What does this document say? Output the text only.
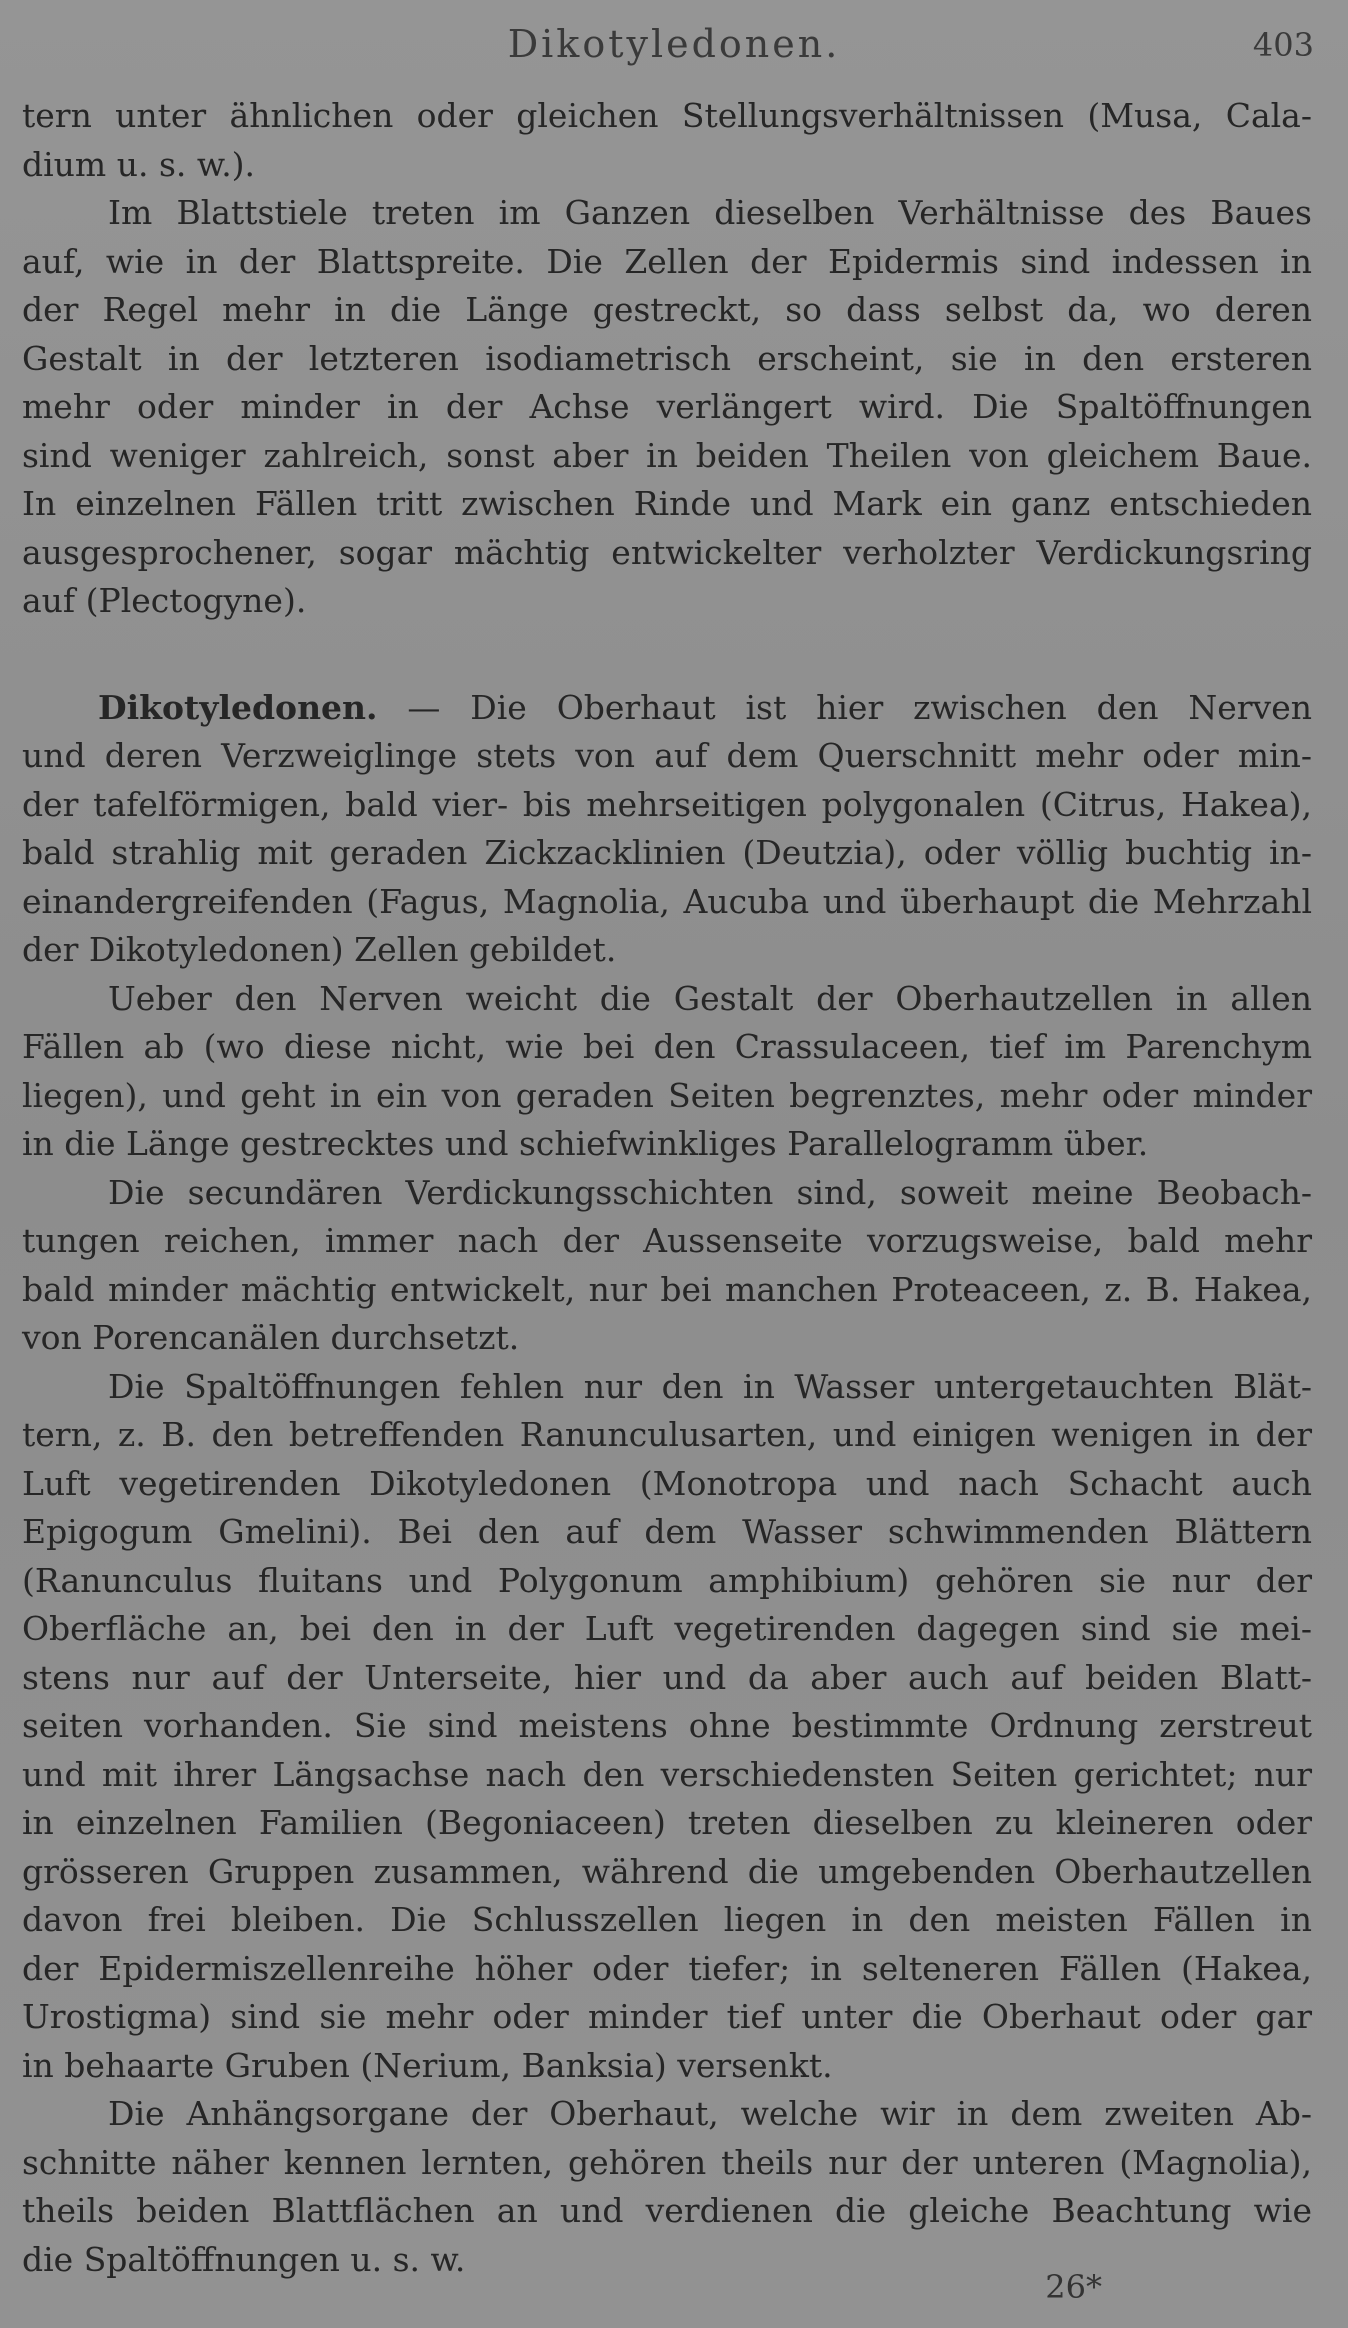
Dikotyledonen.	403
tern unter ähnlichen oder gleichen Stellungsverhältnissen (Musa, Cala-
dium u. s. w.).
Im Blattstiele treten im Ganzen dieselben Verhältnisse des Baues
auf, wie in der Blattspreite. Die Zellen der Epidermis sind indessen in
der Regel mehr in die Länge gestreckt, so dass selbst da, wo deren
Gestalt in der letzteren isodiametrisch erscheint, sie in den ersteren
mehr oder minder in der Achse verlängert wird. Die Spaltöffnungen
sind weniger zahlreich, sonst aber in beiden Theilen von gleichem Baue.
In einzelnen Fällen tritt zwischen Rinde und Mark ein ganz entschieden
ausgesprochener, sogar mächtig entwickelter verholzter Verdickungsring
auf (Plectogyne).
Dikotyledonen. — Die Oberhaut ist hier zwischen den Nerven
und deren Verzweiglinge stets von auf dem Querschnitt mehr oder min-
der tafelförmigen, bald vier- bis mehrseitigen polygonalen (Citrus, Hakea),
bald strahlig mit geraden Zickzacklinien (Deutzia), oder völlig buchtig in-
einandergreifenden (Fagus, Magnolia, Aucuba und überhaupt die Mehrzahl
der Dikotyledonen) Zellen gebildet.
Ueber den Nerven weicht die Gestalt der Oberhautzellen in allen
Fällen ab (wo diese nicht, wie bei den Crassulaceen, tief im Parenchym
liegen), und geht in ein von geraden Seiten begrenztes, mehr oder minder
in die Länge gestrecktes und schiefwinkliges Parallelogramm über.
Die secundären Verdickungsschichten sind, soweit meine Beobach-
tungen reichen, immer nach der Aussenseite vorzugsweise, bald mehr
bald minder mächtig entwickelt, nur bei manchen Proteaceen, z. B. Hakea,
von Porencanälen durchsetzt.
Die Spaltöffnungen fehlen nur den in Wasser untergetauchten Blät-
tern, z. B. den betreffenden Ranunculusarten, und einigen wenigen in der
Luft vegetirenden Dikotyledonen (Monotropa und nach Schacht auch
Epigogum Gmelini). Bei den auf dem Wasser schwimmenden Blättern
(Ranunculus fluitans und Polygonum amphibium) gehören sie nur der
Oberfläche an, bei den in der Luft vegetirenden dagegen sind sie mei-
stens nur auf der Unterseite, hier und da aber auch auf beiden Blatt-
seiten vorhanden. Sie sind meistens ohne bestimmte Ordnung zerstreut
und mit ihrer Längsachse nach den verschiedensten Seiten gerichtet; nur
in einzelnen Familien (Begoniaceen) treten dieselben zu kleineren oder
grösseren Gruppen zusammen, während die umgebenden Oberhautzellen
davon frei bleiben. Die Schlusszellen liegen in den meisten Fällen in
der Epidermiszellenreihe höher oder tiefer; in selteneren Fällen (Hakea,
Urostigma) sind sie mehr oder minder tief unter die Oberhaut oder gar
in behaarte Gruben (Nerium, Banksia) versenkt.
Die Anhängsorgane der Oberhaut, welche wir in dem zweiten Ab-
schnitte näher kennen lernten, gehören theils nur der unteren (Magnolia),
theils beiden Blattflächen an und verdienen die gleiche Beachtung wie
die Spaltöffnungen u. s. w.
26*
